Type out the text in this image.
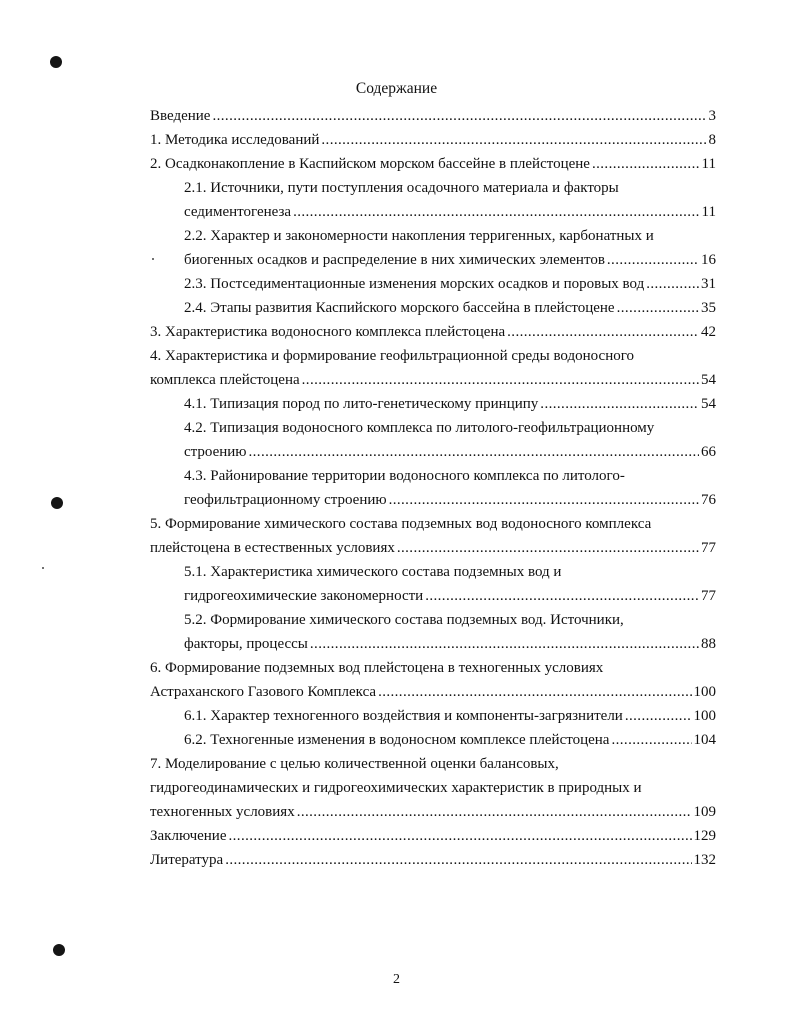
Содержание
Введение .....	3
1. Методика исследований .....	8
2. Осадконакопление в Каспийском морском бассейне в плейстоцене .....	11
2.1. Источники, пути поступления осадочного материала и факторы
седиментогенеза .....	11
2.2. Характер и закономерности накопления терригенных, карбонатных и
биогенных осадков и распределение в них химических элементов .....	16
2.3. Постседиментационные изменения морских осадков и поровых вод .....	31
2.4. Этапы развития Каспийского морского бассейна в плейстоцене .....	35
3. Характеристика водоносного комплекса плейстоцена .....	42
4. Характеристика и формирование геофильтрационной среды водоносного
комплекса плейстоцена .....	54
4.1. Типизация пород по лито-генетическому принципу .....	54
4.2. Типизация водоносного комплекса по литолого-геофильтрационному
строению .....	66
4.3. Районирование территории водоносного комплекса по литолого-
геофильтрационному строению .....	76
5. Формирование химического состава подземных вод водоносного комплекса
плейстоцена в естественных условиях .....	77
5.1. Характеристика химического состава подземных вод и
гидрогеохимические закономерности .....	77
5.2. Формирование химического состава подземных вод. Источники,
факторы, процессы .....	88
6. Формирование подземных вод плейстоцена в техногенных условиях
Астраханского Газового Комплекса .....	100
6.1. Характер техногенного воздействия и компоненты-загрязнители .....	100
6.2. Техногенные изменения в водоносном комплексе плейстоцена .....	104
7. Моделирование с целью количественной оценки балансовых,
гидрогеодинамических и гидрогеохимических характеристик в природных и
техногенных условиях .....	109
Заключение .....	129
Литература .....	132
2
